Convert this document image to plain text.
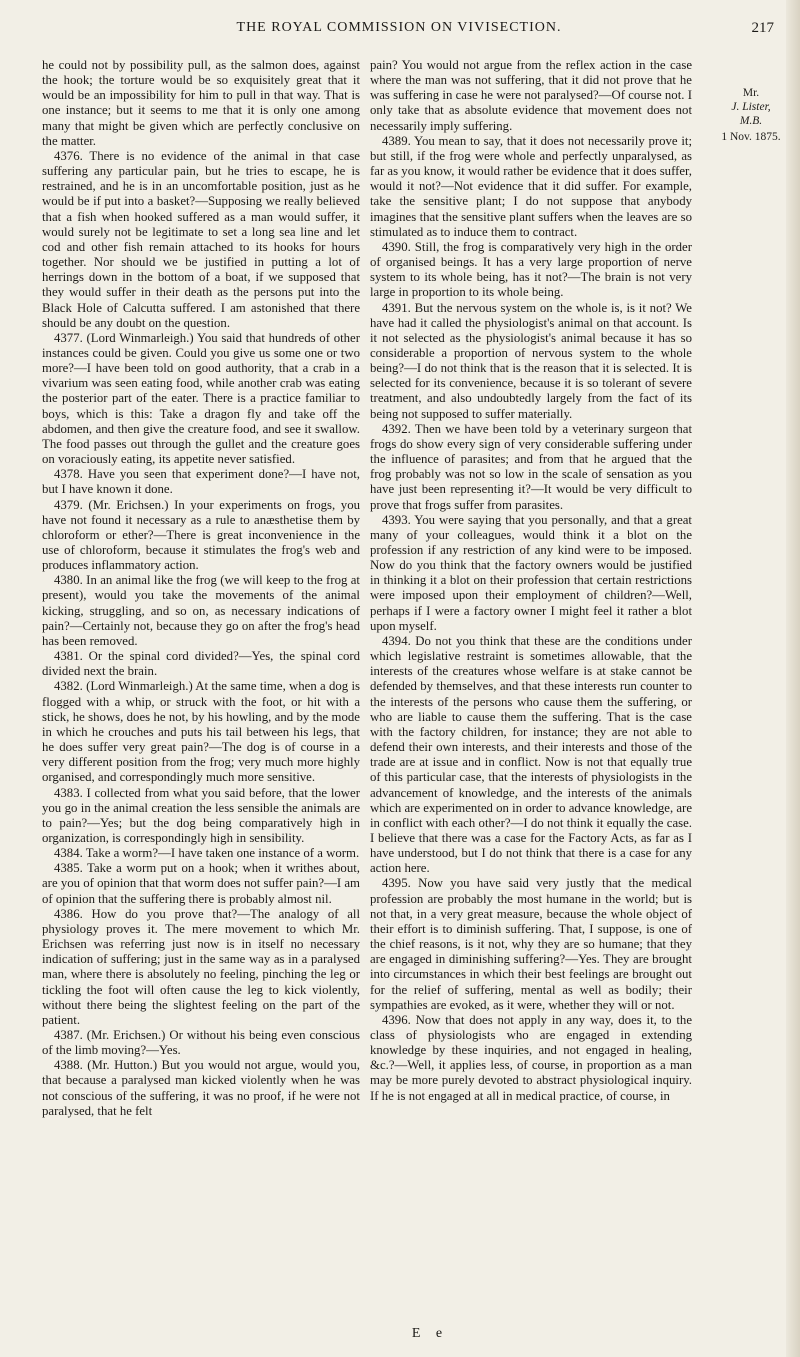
THE ROYAL COMMISSION ON VIVISECTION.	217

he could not by possibility pull, as the salmon does, against the hook; the torture would be so exquisitely great that it would be an impossibility for him to pull in that way. That is one instance; but it seems to me that it is only one among many that might be given which are perfectly conclusive on the matter.

4376. There is no evidence of the animal in that case suffering any particular pain, but he tries to escape, he is restrained, and he is in an uncomfortable position, just as he would be if put into a basket?—Supposing we really believed that a fish when hooked suffered as a man would suffer, it would surely not be legitimate to set a long sea line and let cod and other fish remain attached to its hooks for hours together. Nor should we be justified in putting a lot of herrings down in the bottom of a boat, if we supposed that they would suffer in their death as the persons put into the Black Hole of Calcutta suffered. I am astonished that there should be any doubt on the question.

4377. (Lord Winmarleigh.) You said that hundreds of other instances could be given. Could you give us some one or two more?—I have been told on good authority, that a crab in a vivarium was seen eating food, while another crab was eating the posterior part of the eater. There is a practice familiar to boys, which is this: Take a dragon fly and take off the abdomen, and then give the creature food, and see it swallow. The food passes out through the gullet and the creature goes on voraciously eating, its appetite never satisfied.

4378. Have you seen that experiment done?—I have not, but I have known it done.

4379. (Mr. Erichsen.) In your experiments on frogs, you have not found it necessary as a rule to anæsthetise them by chloroform or ether?—There is great inconvenience in the use of chloroform, because it stimulates the frog's web and produces inflammatory action.

4380. In an animal like the frog (we will keep to the frog at present), would you take the movements of the animal kicking, struggling, and so on, as necessary indications of pain?—Certainly not, because they go on after the frog's head has been removed.

4381. Or the spinal cord divided?—Yes, the spinal cord divided next the brain.

4382. (Lord Winmarleigh.) At the same time, when a dog is flogged with a whip, or struck with the foot, or hit with a stick, he shows, does he not, by his howling, and by the mode in which he crouches and puts his tail between his legs, that he does suffer very great pain?—The dog is of course in a very different position from the frog; very much more highly organised, and correspondingly much more sensitive.

4383. I collected from what you said before, that the lower you go in the animal creation the less sensible the animals are to pain?—Yes; but the dog being comparatively high in organization, is correspondingly high in sensibility.

4384. Take a worm?—I have taken one instance of a worm.

4385. Take a worm put on a hook; when it writhes about, are you of opinion that that worm does not suffer pain?—I am of opinion that the suffering there is probably almost nil.

4386. How do you prove that?—The analogy of all physiology proves it. The mere movement to which Mr. Erichsen was referring just now is in itself no necessary indication of suffering; just in the same way as in a paralysed man, where there is absolutely no feeling, pinching the leg or tickling the foot will often cause the leg to kick violently, without there being the slightest feeling on the part of the patient.

4387. (Mr. Erichsen.) Or without his being even conscious of the limb moving?—Yes.

4388. (Mr. Hutton.) But you would not argue, would you, that because a paralysed man kicked violently when he was not conscious of the suffering, it was no proof, if he were not paralysed, that he felt

pain? You would not argue from the reflex action in the case where the man was not suffering, that it did not prove that he was suffering in case he were not paralysed?—Of course not. I only take that as absolute evidence that movement does not necessarily imply suffering.

4389. You mean to say, that it does not necessarily prove it; but still, if the frog were whole and perfectly unparalysed, as far as you know, it would rather be evidence that it does suffer, would it not?—Not evidence that it did suffer. For example, take the sensitive plant; I do not suppose that anybody imagines that the sensitive plant suffers when the leaves are so stimulated as to induce them to contract.

4390. Still, the frog is comparatively very high in the order of organised beings. It has a very large proportion of nerve system to its whole being, has it not?—The brain is not very large in proportion to its whole being.

4391. But the nervous system on the whole is, is it not? We have had it called the physiologist's animal on that account. Is it not selected as the physiologist's animal because it has so considerable a proportion of nervous system to the whole being?—I do not think that is the reason that it is selected. It is selected for its convenience, because it is so tolerant of severe treatment, and also undoubtedly largely from the fact of its being not supposed to suffer materially.

4392. Then we have been told by a veterinary surgeon that frogs do show every sign of very considerable suffering under the influence of parasites; and from that he argued that the frog probably was not so low in the scale of sensation as you have just been representing it?—It would be very difficult to prove that frogs suffer from parasites.

4393. You were saying that you personally, and that a great many of your colleagues, would think it a blot on the profession if any restriction of any kind were to be imposed. Now do you think that the factory owners would be justified in thinking it a blot on their profession that certain restrictions were imposed upon their employment of children?—Well, perhaps if I were a factory owner I might feel it rather a blot upon myself.

4394. Do not you think that these are the conditions under which legislative restraint is sometimes allowable, that the interests of the creatures whose welfare is at stake cannot be defended by themselves, and that these interests run counter to the interests of the persons who cause them the suffering, or who are liable to cause them the suffering. That is the case with the factory children, for instance; they are not able to defend their own interests, and their interests and those of the trade are at issue and in conflict. Now is not that equally true of this particular case, that the interests of physiologists in the advancement of knowledge, and the interests of the animals which are experimented on in order to advance knowledge, are in conflict with each other?—I do not think it equally the case. I believe that there was a case for the Factory Acts, as far as I have understood, but I do not think that there is a case for any action here.

4395. Now you have said very justly that the medical profession are probably the most humane in the world; but is not that, in a very great measure, because the whole object of their effort is to diminish suffering. That, I suppose, is one of the chief reasons, is it not, why they are so humane; that they are engaged in diminishing suffering?—Yes. They are brought into circumstances in which their best feelings are brought out for the relief of suffering, mental as well as bodily; their sympathies are evoked, as it were, whether they will or not.

4396. Now that does not apply in any way, does it, to the class of physiologists who are engaged in extending knowledge by these inquiries, and not engaged in healing, &c.?—Well, it applies less, of course, in proportion as a man may be more purely devoted to abstract physiological inquiry. If he is not engaged at all in medical practice, of course, in

Mr.
J. Lister,
M.B.
1 Nov. 1875.
E e
